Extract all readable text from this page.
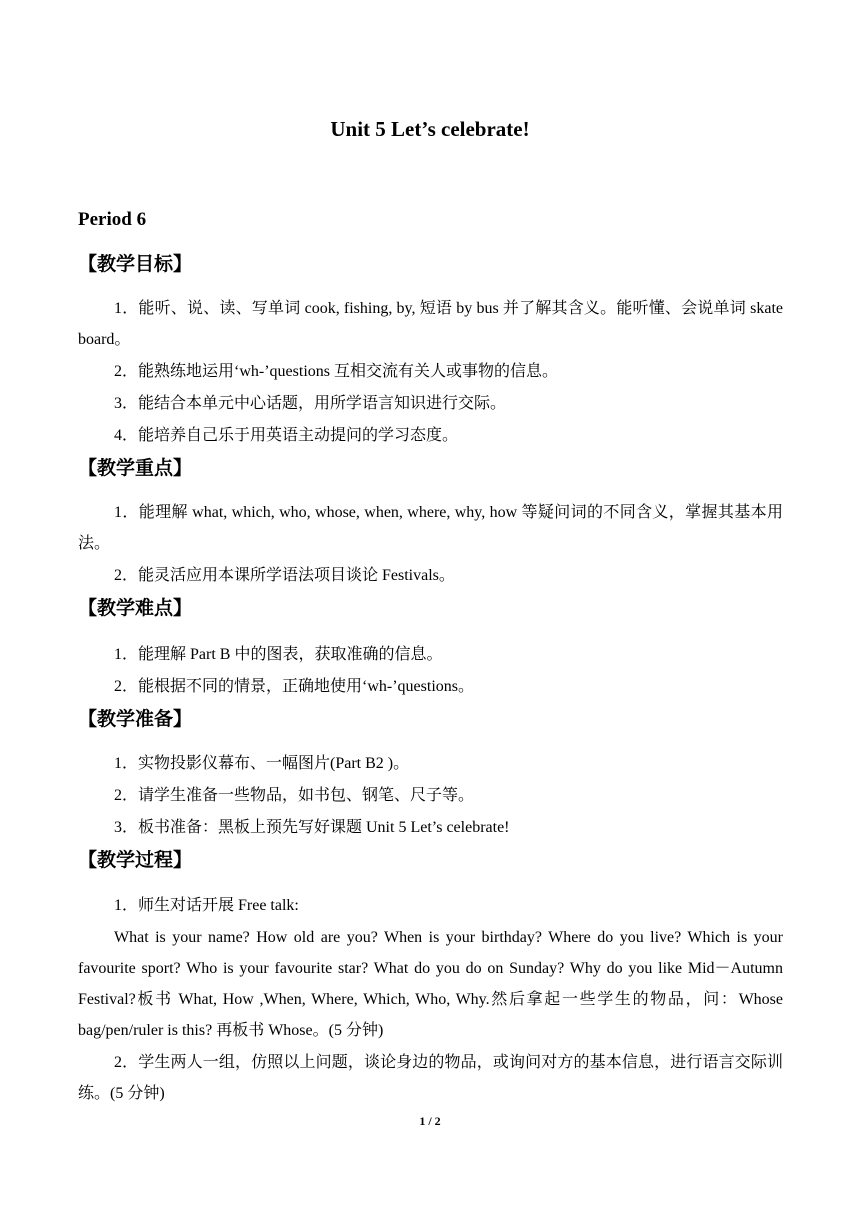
Unit 5 Let’s celebrate!
Period 6
【教学目标】
1．能听、说、读、写单词 cook, fishing, by, 短语 by bus 并了解其含义。能听懂、会说单词 skate board。
2．能熟练地运用‘wh-’questions 互相交流有关人或事物的信息。
3．能结合本单元中心话题，用所学语言知识进行交际。
4．能培养自己乐于用英语主动提问的学习态度。
【教学重点】
1．能理解 what, which, who, whose, when, where, why, how 等疑问词的不同含义，掌握其基本用法。
2．能灵活应用本课所学语法项目谈论 Festivals。
【教学难点】
1．能理解 Part B 中的图表，获取准确的信息。
2．能根据不同的情景，正确地使用‘wh-’questions。
【教学准备】
1．实物投影仪幕布、一幅图片(Part B2 )。
2．请学生准备一些物品，如书包、钢笔、尺子等。
3．板书准备：黑板上预先写好课题 Unit 5 Let’s celebrate!
【教学过程】
1．师生对话开展 Free talk:
What is your name? How old are you? When is your birthday? Where do you live? Which is your favourite sport? Who is your favourite star? What do you do on Sunday? Why do you like Mid－Autumn Festival?板书 What, How ,When, Where, Which, Who, Why.然后拿起一些学生的物品，问：Whose bag/pen/ruler is this? 再板书 Whose。(5 分钟)
2．学生两人一组，仿照以上问题，谈论身边的物品，或询问对方的基本信息，进行语言交际训练。(5 分钟)
1 / 2
